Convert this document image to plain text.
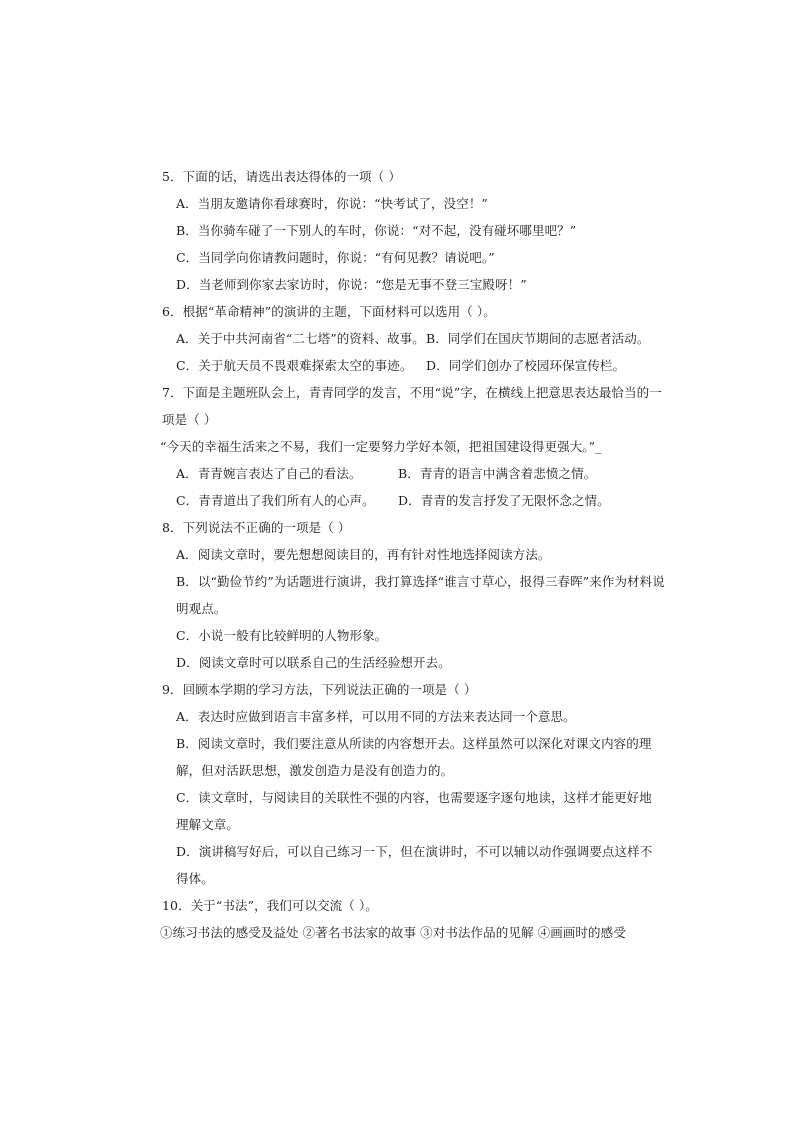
5．下面的话，请选出表达得体的一项（ ）
A．当朋友邀请你看球赛时，你说：“快考试了，没空！”
B．当你骑车碰了一下别人的车时，你说：“对不起，没有碰坏哪里吧？”
C．当同学向你请教问题时，你说：“有何见教？请说吧。”
D．当老师到你家去家访时，你说：“您是无事不登三宝殿呀！”
6．根据“革命精神”的演讲的主题，下面材料可以选用（ ）。
A．关于中共河南省“二七塔”的资料、故事。 B．同学们在国庆节期间的志愿者活动。
C．关于航天员不畏艰难探索太空的事迹。 D．同学们创办了校园环保宣传栏。
7．下面是主题班队会上，青青同学的发言，不用“说”字，在横线上把意思表达最恰当的一
项是（ ）
“今天的幸福生活来之不易，我们一定要努力学好本领，把祖国建设得更强大。”_
A．青青婉言表达了自己的看法。	B．青青的语言中满含着悲愤之情。
C．青青道出了我们所有人的心声。 D．青青的发言抒发了无限怀念之情。
8．下列说法不正确的一项是（ ）
A．阅读文章时，要先想想阅读目的，再有针对性地选择阅读方法。
B．以“勤俭节约”为话题进行演讲，我打算选择“谁言寸草心，报得三春晖”来作为材料说
明观点。
C．小说一般有比较鲜明的人物形象。
D．阅读文章时可以联系自己的生活经验想开去。
9．回顾本学期的学习方法，下列说法正确的一项是（ ）
A．表达时应做到语言丰富多样，可以用不同的方法来表达同一个意思。
B．阅读文章时，我们要注意从所读的内容想开去。这样虽然可以深化对课文内容的理
解，但对活跃思想，激发创造力是没有创造力的。
C．读文章时，与阅读目的关联性不强的内容，也需要逐字逐句地读，这样才能更好地
理解文章。
D．演讲稿写好后，可以自己练习一下，但在演讲时，不可以辅以动作强调要点这样不
得体。
10．关于“书法”，我们可以交流（ ）。
①练习书法的感受及益处 ②著名书法家的故事 ③对书法作品的见解 ④画画时的感受
